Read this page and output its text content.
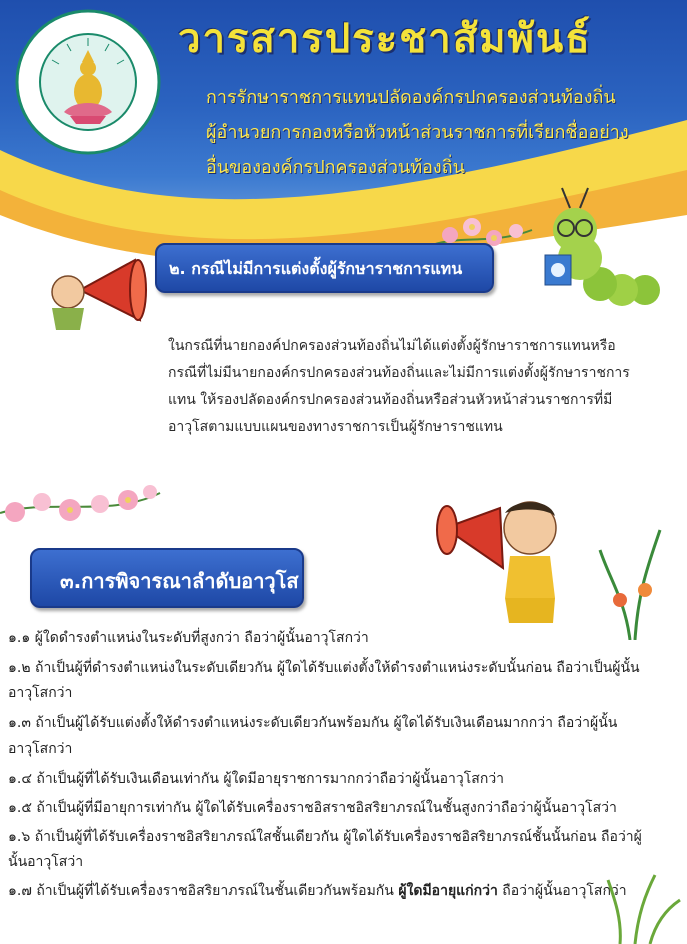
วารสารประชาสัมพันธ์
การรักษาราชการแทนปลัดองค์กรปกครองส่วนท้องถิ่น
ผู้อำนวยการกองหรือหัวหน้าส่วนราชการที่เรียกชื่ออย่าง
อื่นขององค์กรปกครองส่วนท้องถิ่น
๒. กรณีไม่มีการแต่งตั้งผู้รักษาราชการแทน
ในกรณีที่นายกองค์ปกครองส่วนท้องถิ่นไม่ได้แต่งตั้งผู้รักษาราชการแทนหรือ
กรณีที่ไม่มีนายกองค์กรปกครองส่วนท้องถิ่นและไม่มีการแต่งตั้งผู้รักษาราชการ
แทน ให้รองปลัดองค์กรปกครองส่วนท้องถิ่นหรือส่วนหัวหน้าส่วนราชการที่มี
อาวุโสตามแบบแผนของทางราชการเป็นผู้รักษาราชแทน
๓.การพิจารณาลำดับอาวุโส
๑.๑ ผู้ใดดำรงตำแหน่งในระดับที่สูงกว่า ถือว่าผู้นั้นอาวุโสกว่า
๑.๒ ถ้าเป็นผู้ที่ดำรงตำแหน่งในระดับเดียวกัน ผู้ใดได้รับแต่งตั้งให้ดำรงตำแหน่งระดับนั้นก่อน ถือว่าเป็นผู้นั้น
อาวุโสกว่า
๑.๓ ถ้าเป็นผู้ได้รับแต่งตั้งให้ดำรงตำแหน่งระดับเดียวกันพร้อมกัน ผู้ใดได้รับเงินเดือนมากกว่า ถือว่าผู้นั้น
อาวุโสกว่า
๑.๔ ถ้าเป็นผู้ที่ได้รับเงินเดือนเท่ากัน ผู้ใดมีอายุราชการมากกว่าถือว่าผู้นั้นอาวุโสกว่า
๑.๕ ถ้าเป็นผู้ที่มีอายุการเท่ากัน ผู้ใดได้รับเครื่องราชอิสราชอิสริยาภรณ์ในชั้นสูงกว่าถือว่าผู้นั้นอาวุโสว่า
๑.๖ ถ้าเป็นผู้ที่ได้รับเครื่องราชอิสริยาภรณ์ใสชั้นเดียวกัน ผู้ใดได้รับเครื่องราชอิสริยาภรณ์ชั้นนั้นก่อน ถือว่าผู้
นั้นอาวุโสว่า
๑.๗ ถ้าเป็นผู้ที่ได้รับเครื่องราชอิสริยาภรณ์ในชั้นเดียวกันพร้อมกัน ผู้ใดมีอายุแก่กว่า ถือว่าผู้นั้นอาวุโสกว่า
